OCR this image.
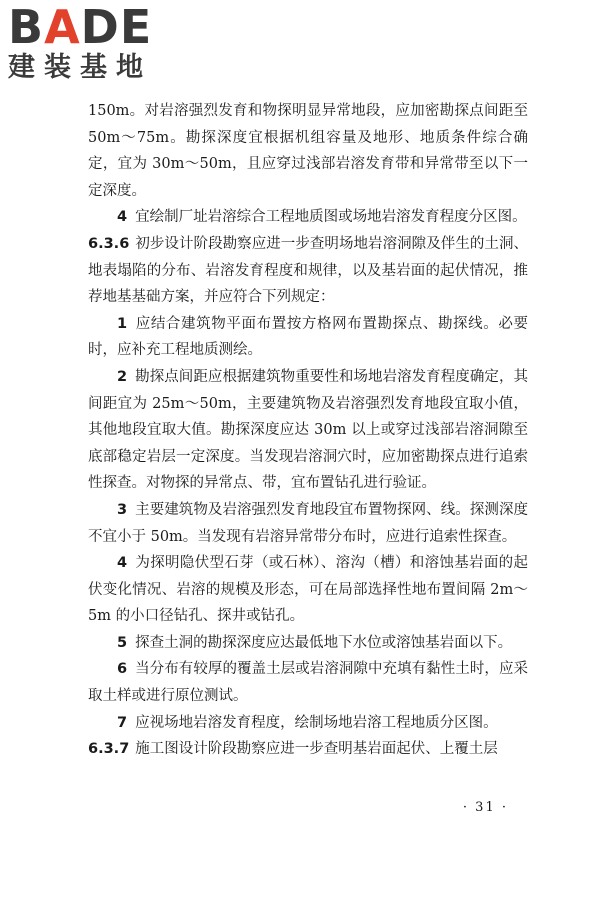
BADE
建装基地

150m。对岩溶强烈发育和物探明显异常地段，应加密勘探点间距至 50m～75m。勘探深度宜根据机组容量及地形、地质条件综合确定，宜为 30m～50m，且应穿过浅部岩溶发育带和异常带至以下一定深度。

4 宜绘制厂址岩溶综合工程地质图或场地岩溶发育程度分区图。

6.3.6 初步设计阶段勘察应进一步查明场地岩溶洞隙及伴生的土洞、地表塌陷的分布、岩溶发育程度和规律，以及基岩面的起伏情况，推荐地基基础方案，并应符合下列规定：

1 应结合建筑物平面布置按方格网布置勘探点、勘探线。必要时，应补充工程地质测绘。

2 勘探点间距应根据建筑物重要性和场地岩溶发育程度确定，其间距宜为 25m～50m，主要建筑物及岩溶强烈发育地段宜取小值，其他地段宜取大值。勘探深度应达 30m 以上或穿过浅部岩溶洞隙至底部稳定岩层一定深度。当发现岩溶洞穴时，应加密勘探点进行追索性探查。对物探的异常点、带，宜布置钻孔进行验证。

3 主要建筑物及岩溶强烈发育地段宜布置物探网、线。探测深度不宜小于 50m。当发现有岩溶异常带分布时，应进行追索性探查。

4 为探明隐伏型石芽（或石林）、溶沟（槽）和溶蚀基岩面的起伏变化情况、岩溶的规模及形态，可在局部选择性地布置间隔 2m～5m 的小口径钻孔、探井或钻孔。

5 探查土洞的勘探深度应达最低地下水位或溶蚀基岩面以下。

6 当分布有较厚的覆盖土层或岩溶洞隙中充填有黏性土时，应采取土样或进行原位测试。

7 应视场地岩溶发育程度，绘制场地岩溶工程地质分区图。

6.3.7 施工图设计阶段勘察应进一步查明基岩面起伏、上覆土层

· 31 ·
